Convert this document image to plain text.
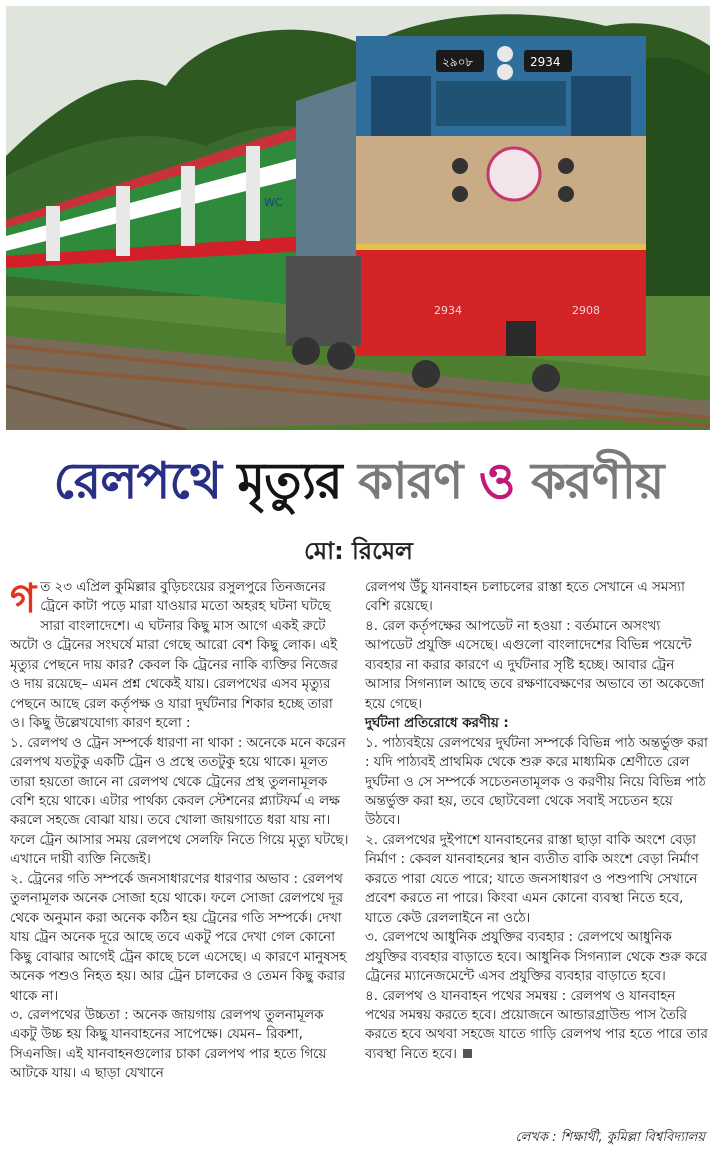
WC
২৯০৮	2934
2934	2908
রেলপথে মৃত্যুর কারণ ও করণীয়
মো: রিমেল

গত ২৩ এপ্রিল কুমিল্লার বুড়িচংয়ের রসুলপুরে তিনজনের ট্রেনে কাটা পড়ে মারা যাওয়ার মতো অহরহ ঘটনা ঘটছে সারা বাংলাদেশে। এ ঘটনার কিছু মাস আগে একই রুটে অটো ও ট্রেনের সংঘর্ষে মারা গেছে আরো বেশ কিছু লোক। এই মৃত্যুর পেছনে দায় কার? কেবল কি ট্রেনের নাকি ব্যক্তির নিজের ও দায় রয়েছে– এমন প্রশ্ন থেকেই যায়। রেলপথের এসব মৃত্যুর পেছনে আছে রেল কর্তৃপক্ষ ও যারা দুর্ঘটনার শিকার হচ্ছে তারা ও। কিছু উল্লেখযোগ্য কারণ হলো :

১. রেলপথ ও ট্রেন সম্পর্কে ধারণা না থাকা : অনেকে মনে করেন রেলপথ যতটুকু একটি ট্রেন ও প্রস্থে ততটুকু হয়ে থাকে। মূলত তারা হয়তো জানে না রেলপথ থেকে ট্রেনের প্রস্থ তুলনামূলক বেশি হয়ে থাকে। এটার পার্থক্য কেবল স্টেশনের প্ল্যাটফর্ম এ লক্ষ করলে সহজে বোঝা যায়। তবে খোলা জায়গাতে ধরা যায় না। ফলে ট্রেন আসার সময় রেলপথে সেলফি নিতে গিয়ে মৃত্যু ঘটছে। এখানে দায়ী ব্যক্তি নিজেই।

২. ট্রেনের গতি সম্পর্কে জনসাধারণের ধারণার অভাব : রেলপথ তুলনামূলক অনেক সোজা হয়ে থাকে। ফলে সোজা রেলপথে দূর থেকে অনুমান করা অনেক কঠিন হয় ট্রেনের গতি সম্পর্কে। দেখা যায় ট্রেন অনেক দূরে আছে তবে একটু পরে দেখা গেল কোনো কিছু বোঝার আগেই ট্রেন কাছে চলে এসেছে। এ কারণে মানুষসহ অনেক পশুও নিহত হয়। আর ট্রেন চালকের ও তেমন কিছু করার থাকে না।

৩. রেলপথের উচ্চতা : অনেক জায়গায় রেলপথ তুলনামূলক একটু উচ্চ হয় কিছু যানবাহনের সাপেক্ষে। যেমন– রিকশা, সিএনজি। এই যানবাহনগুলোর চাকা রেলপথ পার হতে গিয়ে আটকে যায়। এ ছাড়া যেখানে

রেলপথ উঁচু যানবাহন চলাচলের রাস্তা হতে সেখানে এ সমস্যা বেশি রয়েছে।

৪. রেল কর্তৃপক্ষের আপডেট না হওয়া : বর্তমানে অসংখ্য আপডেট প্রযুক্তি এসেছে। এগুলো বাংলাদেশের বিভিন্ন পয়েন্টে ব্যবহার না করার কারণে এ দুর্ঘটনার সৃষ্টি হচ্ছে। আবার ট্রেন আসার সিগন্যাল আছে তবে রক্ষণাবেক্ষণের অভাবে তা অকেজো হয়ে গেছে।

দুর্ঘটনা প্রতিরোধে করণীয় :

১. পাঠ্যবইয়ে রেলপথের দুর্ঘটনা সম্পর্কে বিভিন্ন পাঠ অন্তর্ভুক্ত করা : যদি পাঠ্যবই প্রাথমিক থেকে শুরু করে মাধ্যমিক শ্রেণীতে রেল দুর্ঘটনা ও সে সম্পর্কে সচেতনতামূলক ও করণীয় নিয়ে বিভিন্ন পাঠ অন্তর্ভুক্ত করা হয়, তবে ছোটবেলা থেকে সবাই সচেতন হয়ে উঠবে।

২. রেলপথের দুইপাশে যানবাহনের রাস্তা ছাড়া বাকি অংশে বেড়া নির্মাণ : কেবল যানবাহনের স্থান ব্যতীত বাকি অংশে বেড়া নির্মাণ করতে পারা যেতে পারে; যাতে জনসাধারণ ও পশুপাখি সেখানে প্রবেশ করতে না পারে। কিংবা এমন কোনো ব্যবস্থা নিতে হবে, যাতে কেউ রেললাইনে না ওঠে।

৩. রেলপথে আধুনিক প্রযুক্তির ব্যবহার : রেলপথে আধুনিক প্রযুক্তির ব্যবহার বাড়াতে হবে। আধুনিক সিগন্যাল থেকে শুরু করে ট্রেনের ম্যানেজমেন্টে এসব প্রযুক্তির ব্যবহার বাড়াতে হবে।

৪. রেলপথ ও যানবাহন পথের সমন্বয় : রেলপথ ও যানবাহন পথের সমন্বয় করতে হবে। প্রয়োজনে আন্ডারগ্রাউন্ড পাস তৈরি করতে হবে অথবা সহজে যাতে গাড়ি রেলপথ পার হতে পারে তার ব্যবস্থা নিতে হবে।

লেখক : শিক্ষার্থী, কুমিল্লা বিশ্ববিদ্যালয়
